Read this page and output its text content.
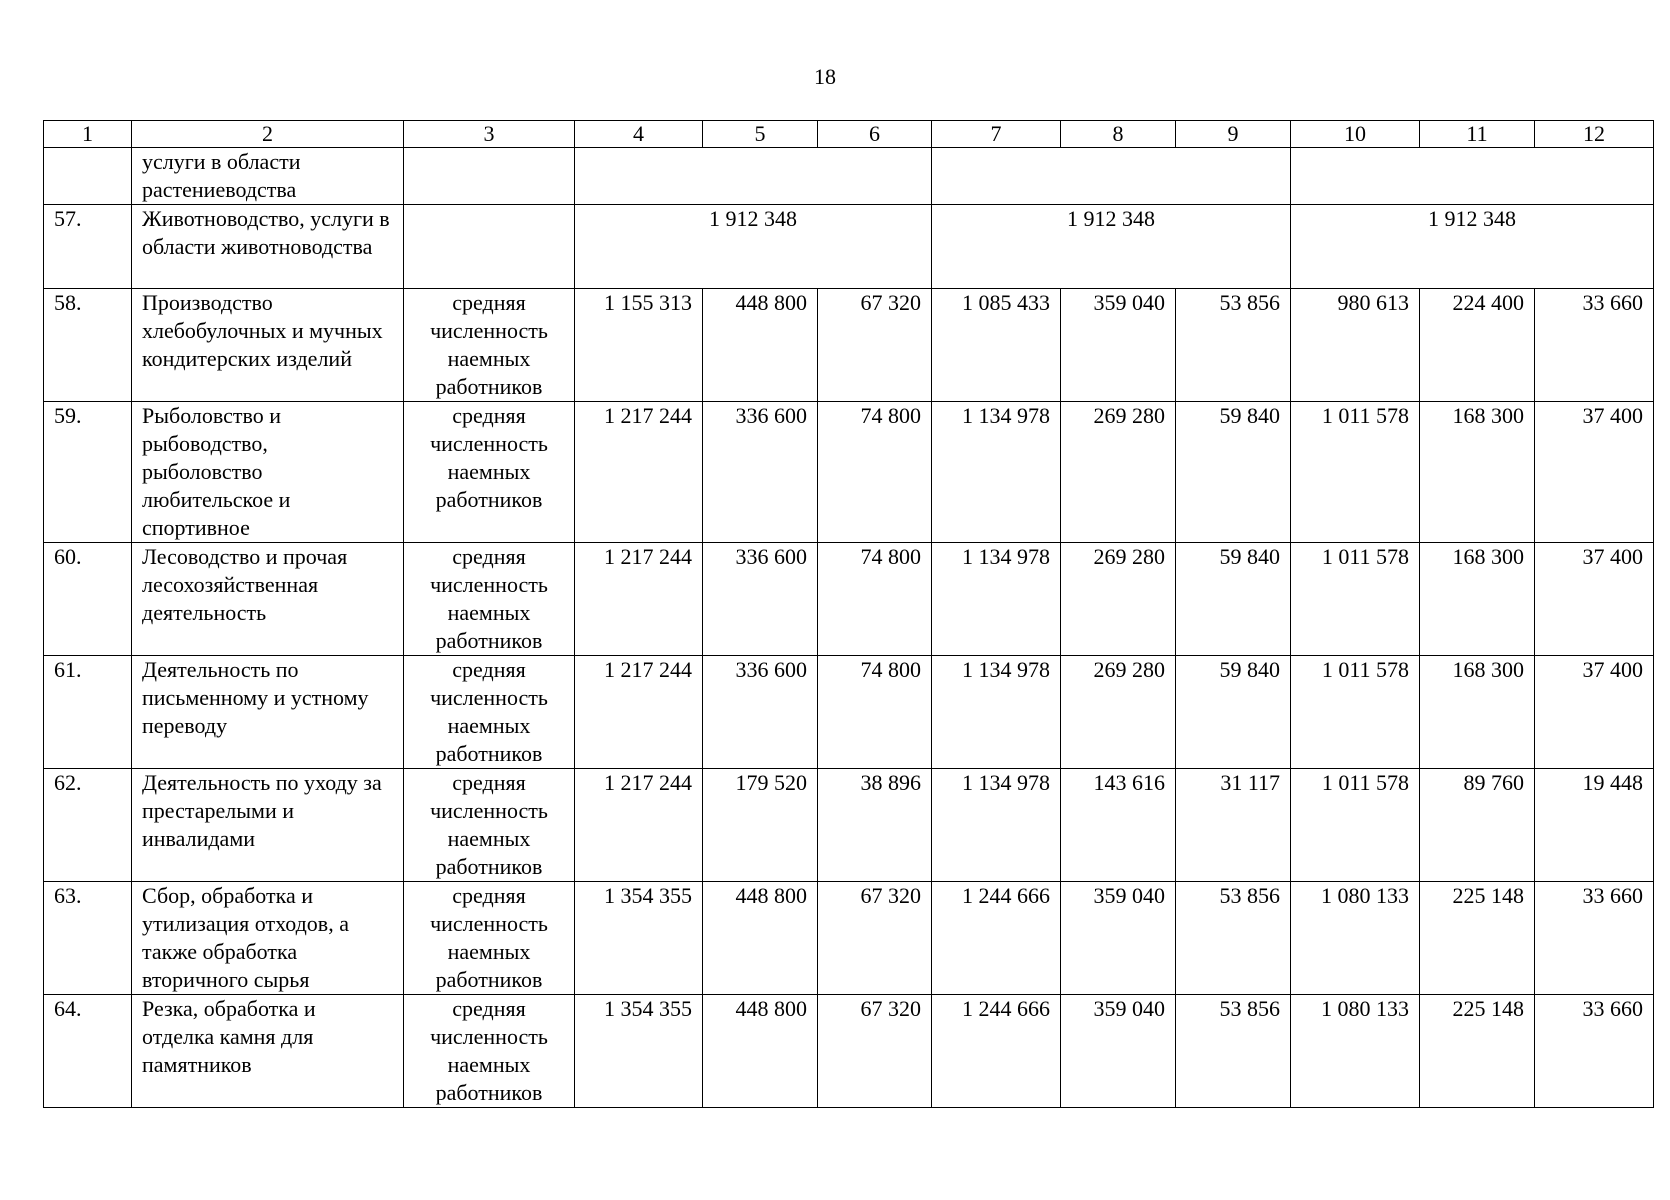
18
1	2	3	4	5	6	7	8	9	10	11	12
	услуги в области растениеводства										
57.	Животноводство, услуги в области животноводства		1 912 348			1 912 348			1 912 348		
58.	Производство хлебобулочных и мучных кондитерских изделий	средняя численность наемных работников	1 155 313	448 800	67 320	1 085 433	359 040	53 856	980 613	224 400	33 660
59.	Рыболовство и рыбоводство, рыболовство любительское и спортивное	средняя численность наемных работников	1 217 244	336 600	74 800	1 134 978	269 280	59 840	1 011 578	168 300	37 400
60.	Лесоводство и прочая лесохозяйственная деятельность	средняя численность наемных работников	1 217 244	336 600	74 800	1 134 978	269 280	59 840	1 011 578	168 300	37 400
61.	Деятельность по письменному и устному переводу	средняя численность наемных работников	1 217 244	336 600	74 800	1 134 978	269 280	59 840	1 011 578	168 300	37 400
62.	Деятельность по уходу за престарелыми и инвалидами	средняя численность наемных работников	1 217 244	179 520	38 896	1 134 978	143 616	31 117	1 011 578	89 760	19 448
63.	Сбор, обработка и утилизация отходов, а также обработка вторичного сырья	средняя численность наемных работников	1 354 355	448 800	67 320	1 244 666	359 040	53 856	1 080 133	225 148	33 660
64.	Резка, обработка и отделка камня для памятников	средняя численность наемных работников	1 354 355	448 800	67 320	1 244 666	359 040	53 856	1 080 133	225 148	33 660
